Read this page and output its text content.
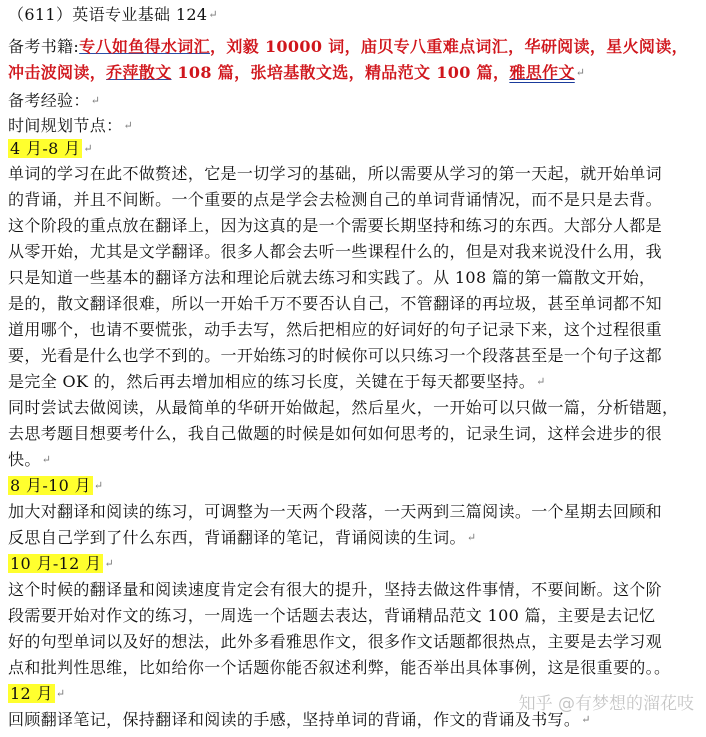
（611）英语专业基础 124↵
备考书籍:专八如鱼得水词汇，刘毅 10000 词，庙贝专八重难点词汇，华研阅读，星火阅读，
冲击波阅读，乔萍散文 108 篇，张培基散文选，精品范文 100 篇，雅思作文↵
备考经验：↵
时间规划节点：↵
4 月-8 月 ↵
单词的学习在此不做赘述，它是一切学习的基础，所以需要从学习的第一天起，就开始单词
的背诵，并且不间断。一个重要的点是学会去检测自己的单词背诵情况，而不是只是去背。
这个阶段的重点放在翻译上，因为这真的是一个需要长期坚持和练习的东西。大部分人都是
从零开始，尤其是文学翻译。很多人都会去听一些课程什么的，但是对我来说没什么用，我
只是知道一些基本的翻译方法和理论后就去练习和实践了。从 108 篇的第一篇散文开始，
是的，散文翻译很难，所以一开始千万不要否认自己，不管翻译的再垃圾，甚至单词都不知
道用哪个，也请不要慌张，动手去写，然后把相应的好词好的句子记录下来，这个过程很重
要，光看是什么也学不到的。一开始练习的时候你可以只练习一个段落甚至是一个句子这都
是完全 OK 的，然后再去增加相应的练习长度，关键在于每天都要坚持。↵
同时尝试去做阅读，从最简单的华研开始做起，然后星火，一开始可以只做一篇，分析错题，
去思考题目想要考什么，我自己做题的时候是如何如何思考的，记录生词，这样会进步的很
快。↵
8 月-10 月 ↵
加大对翻译和阅读的练习，可调整为一天两个段落，一天两到三篇阅读。一个星期去回顾和
反思自己学到了什么东西，背诵翻译的笔记，背诵阅读的生词。↵
10 月-12 月 ↵
这个时候的翻译量和阅读速度肯定会有很大的提升，坚持去做这件事情，不要间断。这个阶
段需要开始对作文的练习，一周选一个话题去表达，背诵精品范文 100 篇，主要是去记忆
好的句型单词以及好的想法，此外多看雅思作文，很多作文话题都很热点，主要是去学习观
点和批判性思维，比如给你一个话题你能否叙述利弊，能否举出具体事例，这是很重要的。。
12 月 ↵
回顾翻译笔记，保持翻译和阅读的手感，坚持单词的背诵，作文的背诵及书写。↵
知乎 @有梦想的溜花吱
